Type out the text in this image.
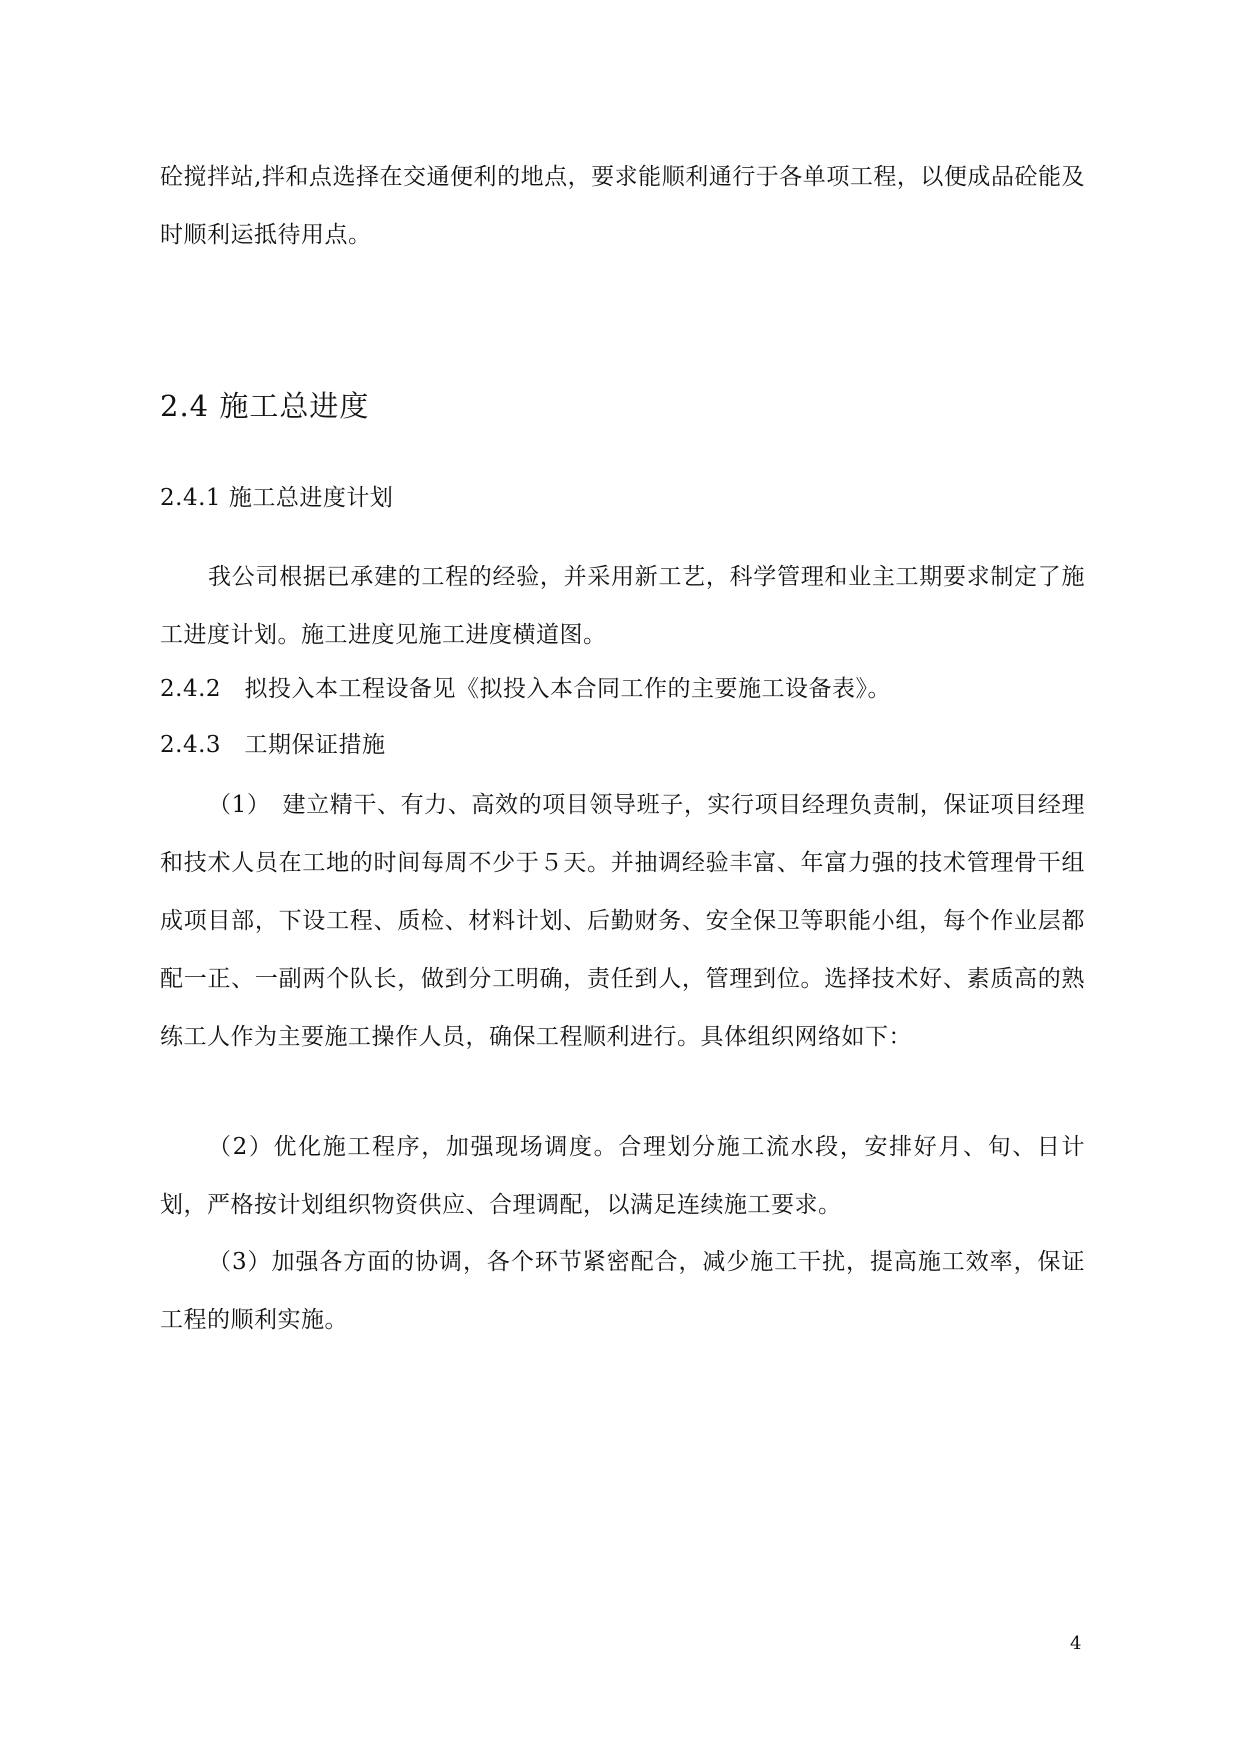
砼搅拌站,拌和点选择在交通便利的地点，要求能顺利通行于各单项工程，以便成品砼能及时顺利运抵待用点。

2.4 施工总进度

2.4.1 施工总进度计划

我公司根据已承建的工程的经验，并采用新工艺，科学管理和业主工期要求制定了施工进度计划。施工进度见施工进度横道图。

2.4.2　拟投入本工程设备见《拟投入本合同工作的主要施工设备表》。

2.4.3　工期保证措施

（1）　建立精干、有力、高效的项目领导班子，实行项目经理负责制，保证项目经理和技术人员在工地的时间每周不少于５天。并抽调经验丰富、年富力强的技术管理骨干组成项目部，下设工程、质检、材料计划、后勤财务、安全保卫等职能小组，每个作业层都配一正、一副两个队长，做到分工明确，责任到人，管理到位。选择技术好、素质高的熟练工人作为主要施工操作人员，确保工程顺利进行。具体组织网络如下：

（2）优化施工程序，加强现场调度。合理划分施工流水段，安排好月、旬、日计划，严格按计划组织物资供应、合理调配，以满足连续施工要求。

（3）加强各方面的协调，各个环节紧密配合，减少施工干扰，提高施工效率，保证工程的顺利实施。

4
